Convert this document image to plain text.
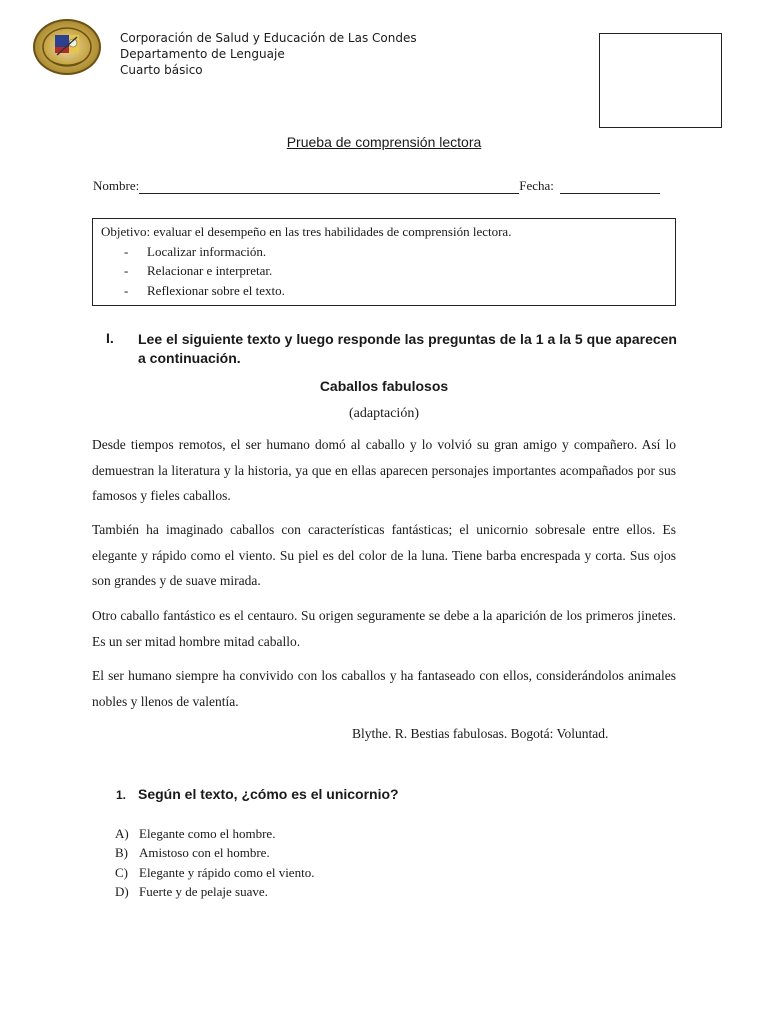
Corporación de Salud y Educación de Las Condes
Departamento de Lenguaje
Cuarto básico
Prueba de comprensión lectora
Nombre:	Fecha:
Objetivo: evaluar el desempeño en las tres habilidades de comprensión lectora.
- Localizar información.
- Relacionar e interpretar.
- Reflexionar sobre el texto.
I. Lee el siguiente texto y luego responde las preguntas de la 1 a la 5 que aparecen a continuación.
Caballos fabulosos
(adaptación)
Desde tiempos remotos, el ser humano domó al caballo y lo volvió su gran amigo y compañero. Así lo demuestran la literatura y la historia, ya que en ellas aparecen personajes importantes acompañados por sus famosos y fieles caballos.
También ha imaginado caballos con características fantásticas; el unicornio sobresale entre ellos. Es elegante y rápido como el viento. Su piel es del color de la luna. Tiene barba encrespada y corta. Sus ojos son grandes y de suave mirada.
Otro caballo fantástico es el centauro. Su origen seguramente se debe a la aparición de los primeros jinetes. Es un ser mitad hombre mitad caballo.
El ser humano siempre ha convivido con los caballos y ha fantaseado con ellos, considerándolos animales nobles y llenos de valentía.
Blythe. R. Bestias fabulosas. Bogotá: Voluntad.
1. Según el texto, ¿cómo es el unicornio?
A) Elegante como el hombre.
B) Amistoso con el hombre.
C) Elegante y rápido como el viento.
D) Fuerte y de pelaje suave.
